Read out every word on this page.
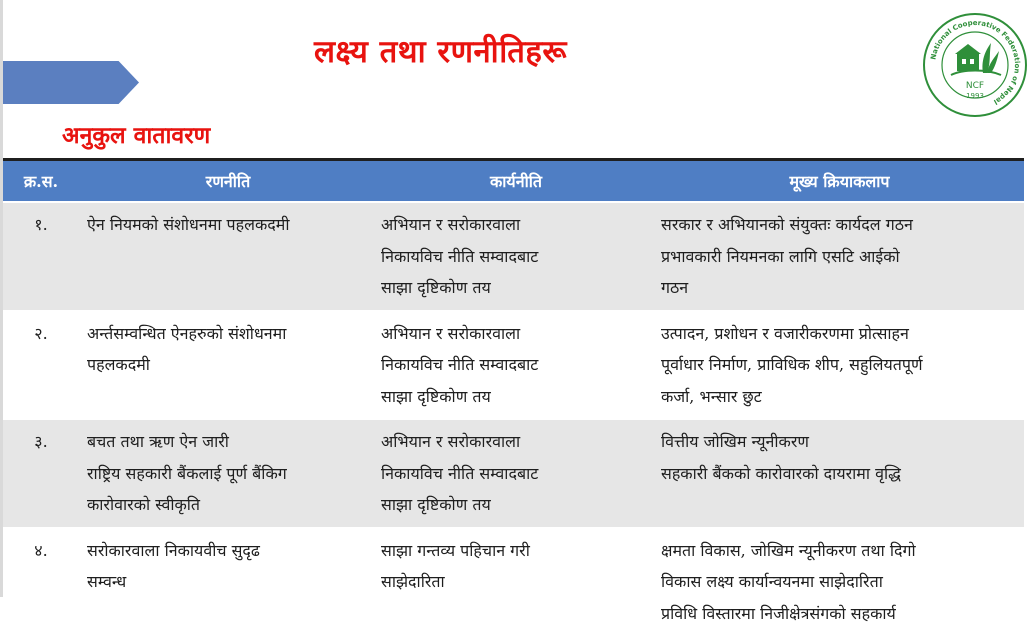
लक्ष्य तथा रणनीतिहरू
अनुकुल वातावरण
National Cooperative Federation of Nepal
NCF
1993
क्र.स.	रणनीति	कार्यनीति	मूख्य क्रियाकलाप
१.	ऐन नियमको संशोधनमा पहलकदमी	अभियान र सरोकारवाला
निकायविच नीति सम्वादबाट
साझा दृष्टिकोण तय	सरकार र अभियानको संयुक्तः कार्यदल गठन
प्रभावकारी नियमनका लागि एसटि आईको
गठन

२.	अर्न्तसम्वन्धित ऐनहरुको संशोधनमा
पहलकदमी	अभियान र सरोकारवाला
निकायविच नीति सम्वादबाट
साझा दृष्टिकोण तय	उत्पादन, प्रशोधन र वजारीकरणमा प्रोत्साहन
पूर्वाधार निर्माण, प्राविधिक शीप, सहुलियतपूर्ण
कर्जा, भन्सार छुट

३.	बचत तथा ऋण ऐन जारी
राष्ट्रिय सहकारी बैंकलाई पूर्ण बैंकिग
कारोवारको स्वीकृति	अभियान र सरोकारवाला
निकायविच नीति सम्वादबाट
साझा दृष्टिकोण तय	वित्तीय जोखिम न्यूनीकरण
सहकारी बैंकको कारोवारको दायरामा वृद्धि

४.	सरोकारवाला निकायवीच सुदृढ
सम्वन्ध	साझा गन्तव्य पहिचान गरी
साझेदारिता	क्षमता विकास, जोखिम न्यूनीकरण तथा दिगो
विकास लक्ष्य कार्यान्वयनमा साझेदारिता
प्रविधि विस्तारमा निजीक्षेत्रसंगको सहकार्य
